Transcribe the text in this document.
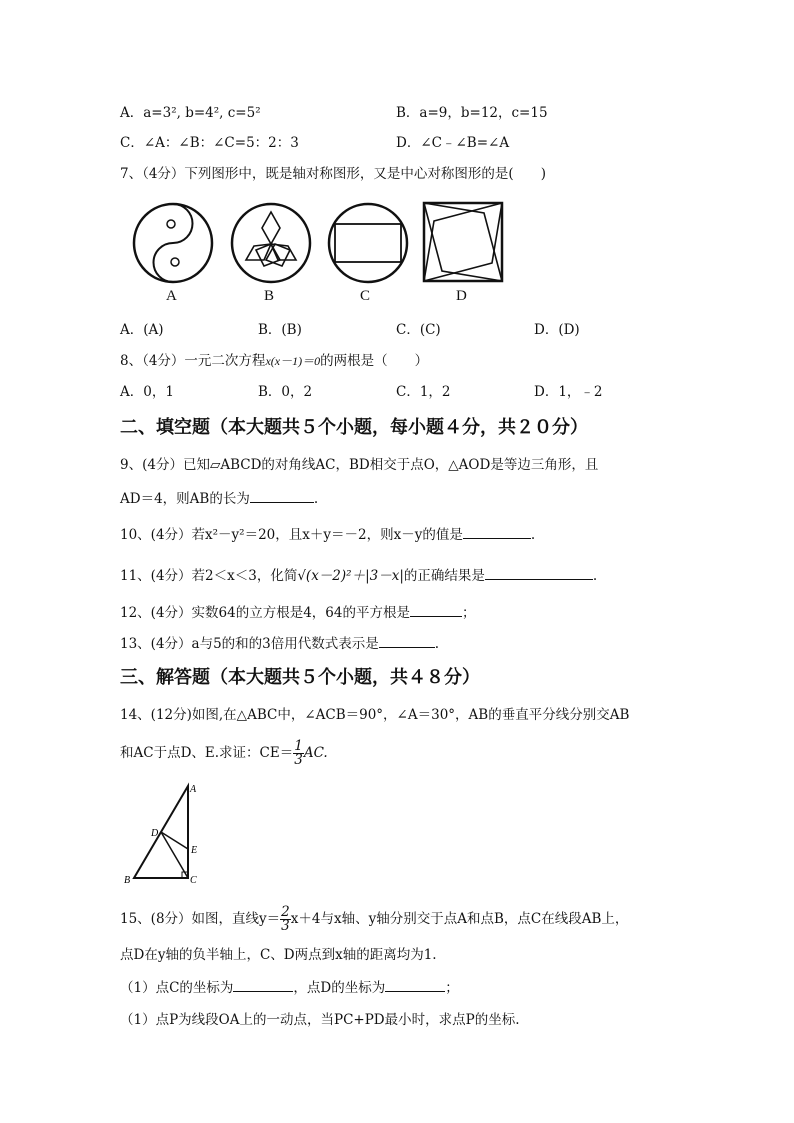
A．a=3², b=4², c=5²	B．a=9，b=12，c=15
C．∠A：∠B：∠C=5：2：3	D．∠C﹣∠B=∠A
7、（4分）下列图形中，既是轴对称图形，又是中心对称图形的是(　　)
A	B	C	D
A．(A)	B．(B)	C．(C)	D．(D)
8、（4分）一元二次方程x(x－1)＝0的两根是（　　）
A．0，1	B．0，2	C．1，2	D．1，﹣2
二、填空题（本大题共５个小题，每小题４分，共２０分）
9、(4分）已知▱ABCD的对角线AC，BD相交于点O，△AOD是等边三角形，且
AD＝4，则AB的长为	.
10、(4分）若x²－y²＝20，且x＋y＝－2，则x－y的值是	.
11、(4分）若2＜x＜3，化简√(x－2)²＋|3－x|的正确结果是	.
12、(4分）实数64的立方根是4，64的平方根是	；
13、(4分）a与5的和的3倍用代数式表示是	.
三、解答题（本大题共５个小题，共４８分）
14、(12分)如图,在△ABC中，∠ACB＝90°，∠A＝30°，AB的垂直平分线分别交AB
和AC于点D、E.求证：$CE= \frac{1}{3}$ AC.
A
D
E
B	C
15、(8分）如图，直线$y= \frac{2}{3} x+4$与x轴、y轴分别交于点A和点B，点C在线段AB上，
点D在y轴的负半轴上，C、D两点到x轴的距离均为1.
（1）点C的坐标为	，点D的坐标为	；
（1）点P为线段OA上的一动点，当PC+PD最小时，求点P的坐标.
